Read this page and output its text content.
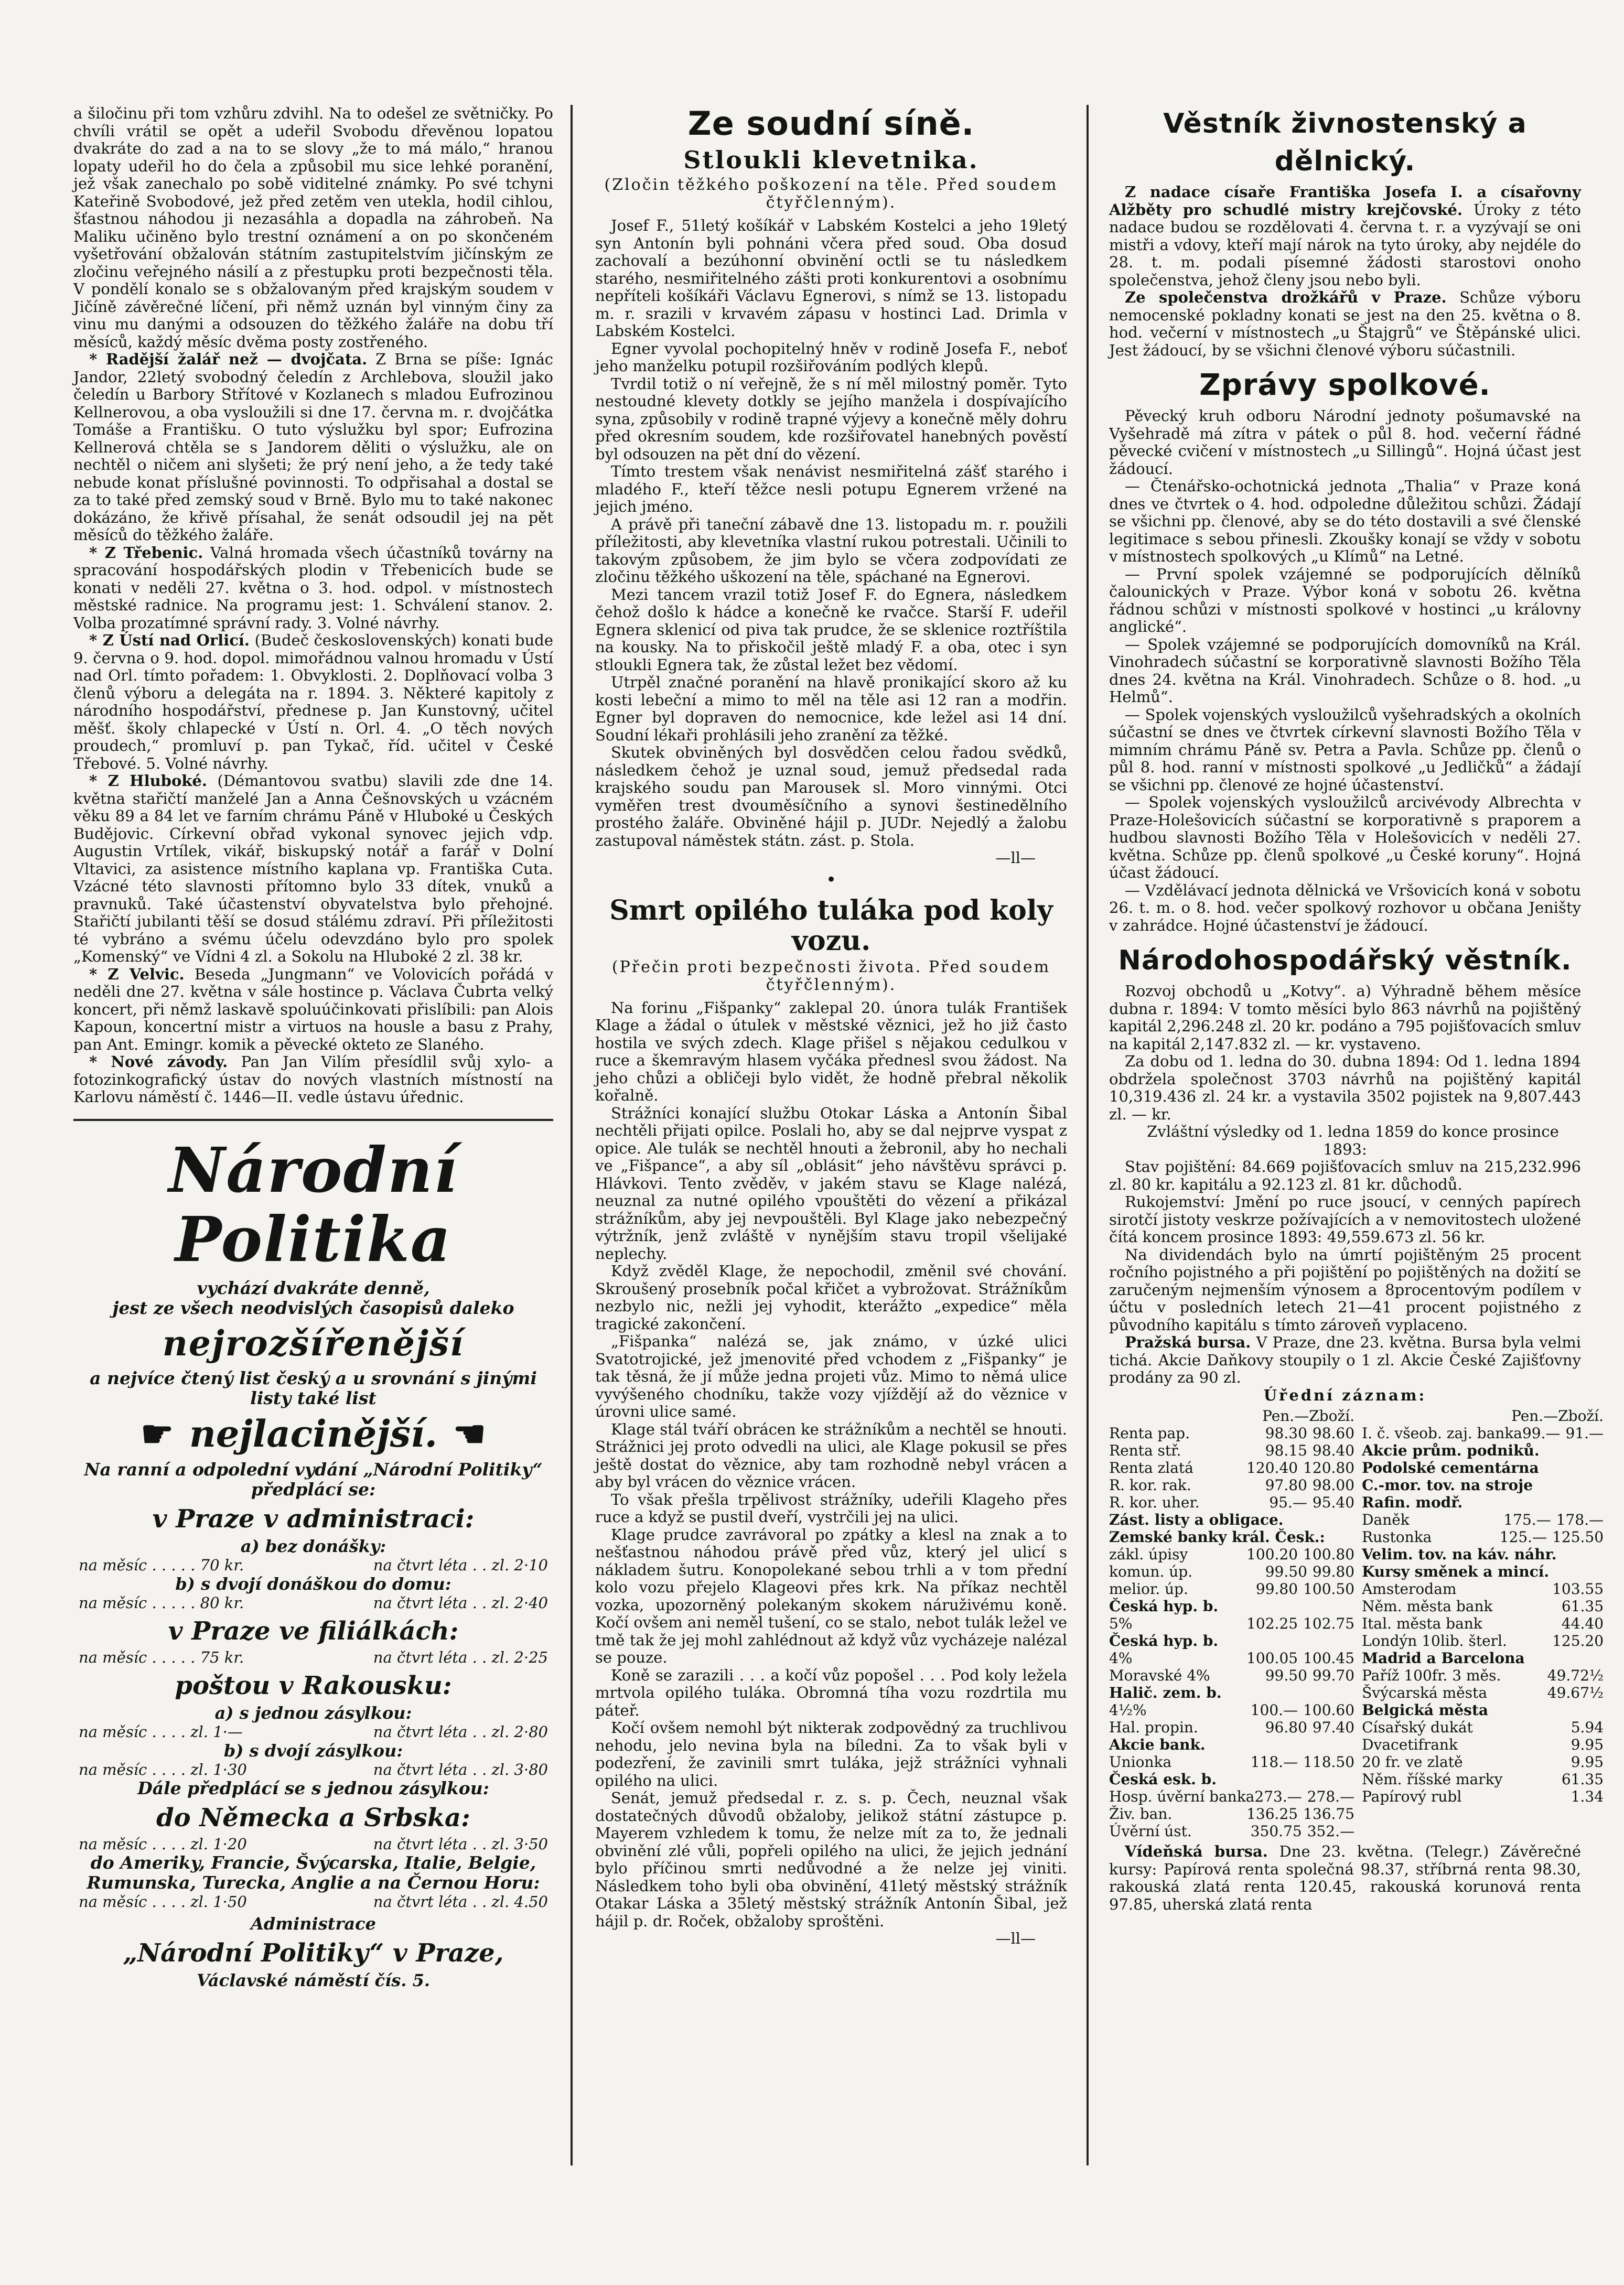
a šiločinu při tom vzhůru zdvihl. Na to odešel ze světničky. Po chvíli vrátil se opět a udeřil Svobodu dřevěnou lopatou dvakráte do zad a na to se slovy „že to má málo,“ hranou lopaty udeřil ho do čela a způsobil mu sice lehké poranění, jež však zanechalo po sobě viditelné známky. Po své tchyni Kateřině Svobodové, jež před zetěm ven utekla, hodil cihlou, šťastnou náhodou ji nezasáhla a dopadla na záhrobeň. Na Maliku učiněno bylo trestní oznámení a on po skončeném vyšetřování obžalován státním zastupitelstvím jičínským ze zločinu veřejného násilí a z přestupku proti bezpečnosti těla. V pondělí konalo se s obžalovaným před krajským soudem v Jičíně závěrečné líčení, při němž uznán byl vinným činy za vinu mu danými a odsouzen do těžkého žaláře na dobu tří měsíců, každý měsíc dvěma posty zostřeného.

* Radější žalář než — dvojčata. Z Brna se píše: Ignác Jandor, 22letý svobodný čeledín z Archlebova, sloužil jako čeledín u Barbory Střítové v Kozlanech s mladou Eufrozinou Kellnerovou, a oba vysloužili si dne 17. června m. r. dvojčátka Tomáše a Františku. O tuto výslužku byl spor; Eufrozina Kellnerová chtěla se s Jandorem děliti o výslužku, ale on nechtěl o ničem ani slyšeti; že prý není jeho, a že tedy také nebude konat příslušné povinnosti. To odpřisahal a dostal se za to také před zemský soud v Brně. Bylo mu to také nakonec dokázáno, že křivě přísahal, že senát odsoudil jej na pět měsíců do těžkého žaláře.

* Z Třebenic. Valná hromada všech účastníků továrny na spracování hospodářských plodin v Třebenicích bude se konati v neděli 27. května o 3. hod. odpol. v místnostech městské radnice. Na programu jest: 1. Schválení stanov. 2. Volba prozatímné správní rady. 3. Volné návrhy.

* Z Ústí nad Orlicí. (Budeč československých) konati bude 9. června o 9. hod. dopol. mimořádnou valnou hromadu v Ústí nad Orl. tímto pořadem: 1. Obvyklosti. 2. Doplňovací volba 3 členů výboru a delegáta na r. 1894. 3. Některé kapitoly z národního hospodářství, přednese p. Jan Kunstovný, učitel měšť. školy chlapecké v Ústí n. Orl. 4. „O těch nových proudech,“ promluví p. pan Tykač, říd. učitel v České Třebové. 5. Volné návrhy.

* Z Hluboké. (Démantovou svatbu) slavili zde dne 14. května stařičtí manželé Jan a Anna Češnovských u vzácném věku 89 a 84 let ve farním chrámu Páně v Hluboké u Českých Budějovic. Církevní obřad vykonal synovec jejich vdp. Augustin Vrtílek, vikář, biskupský notář a farář v Dolní Vltavici, za asistence místního kaplana vp. Františka Cuta. Vzácné této slavnosti přítomno bylo 33 dítek, vnuků a pravnuků. Také účastenství obyvatelstva bylo přehojné. Stařičtí jubilanti těší se dosud stálému zdraví. Při příležitosti té vybráno a svému účelu odevzdáno bylo pro spolek „Komenský“ ve Vídni 4 zl. a Sokolu na Hluboké 2 zl. 38 kr.

* Z Velvic. Beseda „Jungmann“ ve Volovicích pořádá v neděli dne 27. května v sále hostince p. Václava Čubrta velký koncert, při němž laskavě spoluúčinkovati přislíbili: pan Alois Kapoun, koncertní mistr a virtuos na housle a basu z Prahy, pan Ant. Emingr. komik a pěvecké okteto ze Slaného.

* Nové závody. Pan Jan Vilím přesídlil svůj xylo- a fotozinkografický ústav do nových vlastních místností na Karlovu náměstí č. 1446—II. vedle ústavu úřednic.

Národní Politika
vychází dvakráte denně,
jest ze všech neodvislých časopisů daleko
nejrozšířenější
a nejvíce čtený list český a u srovnání s jinými listy také list
☛ nejlacinější. ☚
Na ranní a odpolední vydání „Národní Politiky“ předplácí se:
v Praze v administraci:
a) bez donášky:
na měsíc . . . . . 70 kr.	na čtvrt léta . . zl. 2·10
b) s dvojí donáškou do domu:
na měsíc . . . . . 80 kr.	na čtvrt léta . . zl. 2·40
v Praze ve filiálkách:
na měsíc . . . . . 75 kr.	na čtvrt léta . . zl. 2·25
poštou v Rakousku:
a) s jednou zásylkou:
na měsíc . . . . zl. 1·—	na čtvrt léta . . zl. 2·80
b) s dvojí zásylkou:
na měsíc . . . . zl. 1·30	na čtvrt léta . . zl. 3·80
Dále předplácí se s jednou zásylkou:
do Německa a Srbska:
na měsíc . . . . zl. 1·20	na čtvrt léta . . zl. 3·50
do Ameriky, Francie, Švýcarska, Italie, Belgie, Rumunska, Turecka, Anglie a na Černou Horu:
na měsíc . . . . zl. 1·50	na čtvrt léta . . zl. 4.50
Administrace
„Národní Politiky“ v Praze,
Václavské náměstí čís. 5.
Ze soudní síně.
Stloukli klevetnika.
(Zločin těžkého poškození na těle. Před soudem čtyřčlenným).

Josef F., 51letý košíkář v Labském Kostelci a jeho 19letý syn Antonín byli pohnáni včera před soud. Oba dosud zachovalí a bezúhonní obvinění octli se tu následkem starého, nesmiřitelného zášti proti konkurentovi a osobnímu nepříteli košíkáři Václavu Egnerovi, s nímž se 13. listopadu m. r. srazili v krvavém zápasu v hostinci Lad. Drimla v Labském Kostelci.

Egner vyvolal pochopitelný hněv v rodině Josefa F., neboť jeho manželku potupil rozšiřováním podlých klepů.

Tvrdil totiž o ní veřejně, že s ní měl milostný poměr. Tyto nestoudné klevety dotkly se jejího manžela i dospívajícího syna, způsobily v rodině trapné výjevy a konečně měly dohru před okresním soudem, kde rozšiřovatel hanebných pověstí byl odsouzen na pět dní do vězení.

Tímto trestem však nenávist nesmiřitelná zášť starého i mladého F., kteří těžce nesli potupu Egnerem vržené na jejich jméno.

A právě při taneční zábavě dne 13. listopadu m. r. použili příležitosti, aby klevetníka vlastní rukou potrestali. Učinili to takovým způsobem, že jim bylo se včera zodpovídati ze zločinu těžkého uškození na těle, spáchané na Egnerovi.

Mezi tancem vrazil totiž Josef F. do Egnera, následkem čehož došlo k hádce a konečně ke rvačce. Starší F. udeřil Egnera sklenicí od piva tak prudce, že se sklenice roztříštila na kousky. Na to přiskočil ještě mladý F. a oba, otec i syn stloukli Egnera tak, že zůstal ležet bez vědomí.

Utrpěl značné poranění na hlavě pronikající skoro až ku kosti lebeční a mimo to měl na těle asi 12 ran a modřin. Egner byl dopraven do nemocnice, kde ležel asi 14 dní. Soudní lékaři prohlásili jeho zranění za těžké.

Skutek obviněných byl dosvědčen celou řadou svědků, následkem čehož je uznal soud, jemuž předsedal rada krajského soudu pan Marousek sl. Moro vinnými. Otci vyměřen trest dvouměsíčního a synovi šestinedělního prostého žaláře. Obviněné hájil p. JUDr. Nejedlý a žalobu zastupoval náměstek státn. zást. p. Stola.

—ll—
•
Smrt opilého tuláka pod koly vozu.
(Přečin proti bezpečnosti života. Před soudem čtyřčlenným).

Na forinu „Fišpanky“ zaklepal 20. února tulák František Klage a žádal o útulek v městské věznici, jež ho již často hostila ve svých zdech. Klage přišel s nějakou cedulkou v ruce a škemravým hlasem vyčáka přednesl svou žádost. Na jeho chůzi a obličeji bylo vidět, že hodně přebral několik kořalně.

Strážníci konající službu Otokar Láska a Antonín Šibal nechtěli přijati opilce. Poslali ho, aby se dal nejprve vyspat z opice. Ale tulák se nechtěl hnouti a žebronil, aby ho nechali ve „Fišpance“, a aby síl „oblásit“ jeho návštěvu správci p. Hlávkovi. Tento zvěděv, v jakém stavu se Klage nalézá, neuznal za nutné opilého vpouštěti do vězení a přikázal strážníkům, aby jej nevpouštěli. Byl Klage jako nebezpečný výtržník, jenž zvláště v nynějším stavu tropil všelijaké neplechy.

Když zvěděl Klage, že nepochodil, změnil své chování. Skroušený prosebník počal křičet a vybrožovat. Strážníkům nezbylo nic, nežli jej vyhodit, kterážto „expedice“ měla tragické zakončení.

„Fišpanka“ nalézá se, jak známo, v úzké ulici Svatotrojické, jež jmenovité před vchodem z „Fišpanky“ je tak těsná, že jí může jedna projeti vůz. Mimo to němá ulice vyvýšeného chodníku, takže vozy vjíždějí až do věznice v úrovni ulice samé.

Klage stál tváří obrácen ke strážníkům a nechtěl se hnouti. Strážnici jej proto odvedli na ulici, ale Klage pokusil se přes ještě dostat do věznice, aby tam rozhodně nebyl vrácen a aby byl vrácen do věznice vrácen.

To však přešla trpělivost strážníky, udeřili Klageho přes ruce a když se pustil dveří, vystrčili jej na ulici.

Klage prudce zavrávoral po zpátky a klesl na znak a to nešťastnou náhodou právě před vůz, který jel ulicí s nákladem šutru. Konopolekané sebou trhli a v tom přední kolo vozu přejelo Klageovi přes krk. Na příkaz nechtěl vozka, upozorněný polekaným skokem náruživému koně. Kočí ovšem ani neměl tušení, co se stalo, nebot tulák ležel ve tmě tak že jej mohl zahlédnout až když vůz vycházeje nalézal se pouze.

Koně se zarazili . . . a kočí vůz popošel . . . Pod koly ležela mrtvola opilého tuláka. Obromná tíha vozu rozdrtila mu páteř.

Kočí ovšem nemohl být nikterak zodpovědný za truchlivou nehodu, jelo nevina byla na bíledni. Za to však byli v podezření, že zavinili smrt tuláka, jejž strážníci vyhnali opilého na ulici.

Senát, jemuž předsedal r. z. s. p. Čech, neuznal však dostatečných důvodů obžaloby, jelikož státní zástupce p. Mayerem vzhledem k tomu, že nelze mít za to, že jednali obvinění zlé vůli, popřeli opilého na ulici, že jejich jednání bylo příčinou smrti nedůvodné a že nelze jej viniti. Následkem toho byli oba obvinění, 41letý městský strážník Otakar Láska a 35letý městský strážník Antonín Šibal, jež hájil p. dr. Roček, obžaloby sproštěni.

—ll—
Věstník živnostenský a dělnický.

Z nadace císaře Františka Josefa I. a císařovny Alžběty pro schudlé mistry krejčovské. Úroky z této nadace budou se rozdělovati 4. června t. r. a vyzývají se oni mistři a vdovy, kteří mají nárok na tyto úroky, aby nejdéle do 28. t. m. podali písemné žádosti starostovi onoho společenstva, jehož členy jsou nebo byli.

Ze společenstva drožkářů v Praze. Schůze výboru nemocenské pokladny konati se jest na den 25. května o 8. hod. večerní v místnostech „u Štajgrů“ ve Štěpánské ulici. Jest žádoucí, by se všichni členové výboru súčastnili.

Zprávy spolkové.

Pěvecký kruh odboru Národní jednoty pošumavské na Vyšehradě má zítra v pátek o půl 8. hod. večerní řádné pěvecké cvičení v místnostech „u Sillingů“. Hojná účast jest žádoucí.

— Čtenářsko-ochotnická jednota „Thalia“ v Praze koná dnes ve čtvrtek o 4. hod. odpoledne důležitou schůzi. Žádají se všichni pp. členové, aby se do této dostavili a své členské legitimace s sebou přinesli. Zkoušky konají se vždy v sobotu v místnostech spolkových „u Klímů“ na Letné.

— První spolek vzájemné se podporujících dělníků čalounických v Praze. Výbor koná v sobotu 26. května řádnou schůzi v místnosti spolkové v hostinci „u královny anglické“.

— Spolek vzájemné se podporujících domovníků na Král. Vinohradech súčastní se korporativně slavnosti Božího Těla dnes 24. května na Král. Vinohradech. Schůze o 8. hod. „u Helmů“.

— Spolek vojenských vysloužilců vyšehradských a okolních súčastní se dnes ve čtvrtek církevní slavnosti Božího Těla v mimním chrámu Páně sv. Petra a Pavla. Schůze pp. členů o půl 8. hod. ranní v místnosti spolkové „u Jedličků“ a žádají se všichni pp. členové ze hojné účastenství.

— Spolek vojenských vysloužilců arcivévody Albrechta v Praze-Holešovicích súčastní se korporativně s praporem a hudbou slavnosti Božího Těla v Holešovicích v neděli 27. května. Schůze pp. členů spolkové „u České koruny“. Hojná účast žádoucí.

— Vzdělávací jednota dělnická ve Vršovicích koná v sobotu 26. t. m. o 8. hod. večer spolkový rozhovor u občana Jeništy v zahrádce. Hojné účastenství je žádoucí.

Národohospodářský věstník.

Rozvoj obchodů u „Kotvy“. a) Výhradně během měsíce dubna r. 1894: V tomto měsíci bylo 863 návrhů na pojištěný kapitál 2,296.248 zl. 20 kr. podáno a 795 pojišťovacích smluv na kapitál 2,147.832 zl. — kr. vystaveno.

Za dobu od 1. ledna do 30. dubna 1894: Od 1. ledna 1894 obdržela společnost 3703 návrhů na pojištěný kapitál 10,319.436 zl. 24 kr. a vystavila 3502 pojistek na 9,807.443 zl. — kr.

Zvláštní výsledky od 1. ledna 1859 do konce prosince 1893:

Stav pojištění: 84.669 pojišťovacích smluv na 215,232.996 zl. 80 kr. kapitálu a 92.123 zl. 81 kr. důchodů.

Rukojemství: Jmění po ruce jsoucí, v cenných papírech sirotčí jistoty veskrze požívajících a v nemovitostech uložené čítá koncem prosince 1893: 49,559.673 zl. 56 kr.

Na dividendách bylo na úmrtí pojištěným 25 procent ročního pojistného a při pojištění po pojištěných na dožití se zaručeným nejmenším výnosem a 8procentovým podílem v účtu v posledních letech 21—41 procent pojistného z původního kapitálu s tímto zároveň vyplaceno.

Pražská bursa. V Praze, dne 23. května. Bursa byla velmi tichá. Akcie Daňkovy stoupily o 1 zl. Akcie České Zajišťovny prodány za 90 zl.

Úřední záznam:
Pen.—Zboží.
Renta pap.	98.30 98.60
Renta stř.	98.15 98.40
Renta zlatá	120.40 120.80
R. kor. rak.	97.80 98.00
R. kor. uher.	95.— 95.40
Zást. listy a obligace.
Zemské banky král. Česk.:
zákl. úpisy	100.20 100.80
komun. úp.	99.50 99.80
melior. úp.	99.80 100.50
Česká hyp. b.
5%	102.25 102.75
Česká hyp. b.
4%	100.05 100.45
Moravské 4%	99.50 99.70
Halič. zem. b.
4½%	100.— 100.60
Hal. propin.	96.80 97.40
Akcie bank.
Unionka	118.— 118.50
Česká esk. b.
Hosp. úvěrní banka 273.— 278.—
Živ. ban.	136.25 136.75
Úvěrní úst.	350.75 352.—
Pen.—Zboží.
I. č. všeob. zaj. banka 99.— 91.—
Akcie prům. podniků.
Podolské cementárna
C.-mor. tov. na stroje
Rafin. modř.
Daněk	175.— 178.—
Rustonka	125.— 125.50
Velim. tov. na káv. náhr.
Kursy směnek a mincí.
Amsterodam	103.55
Něm. města bank	61.35
Ital. města bank	44.40
Londýn 10lib. šterl.	125.20
Madrid a Barcelona
Paříž 100fr. 3 měs.	49.72½
Švýcarská města	49.67½
Belgická města
Císařský dukát	5.94
Dvacetifrank	9.95
20 fr. ve zlatě	9.95
Něm. říšské marky	61.35
Papírový rubl	1.34

Vídeňská bursa. Dne 23. května. (Telegr.) Závěrečné kursy: Papírová renta společná 98.37, stříbrná renta 98.30, rakouská zlatá renta 120.45, rakouská korunová renta 97.85, uherská zlatá renta
